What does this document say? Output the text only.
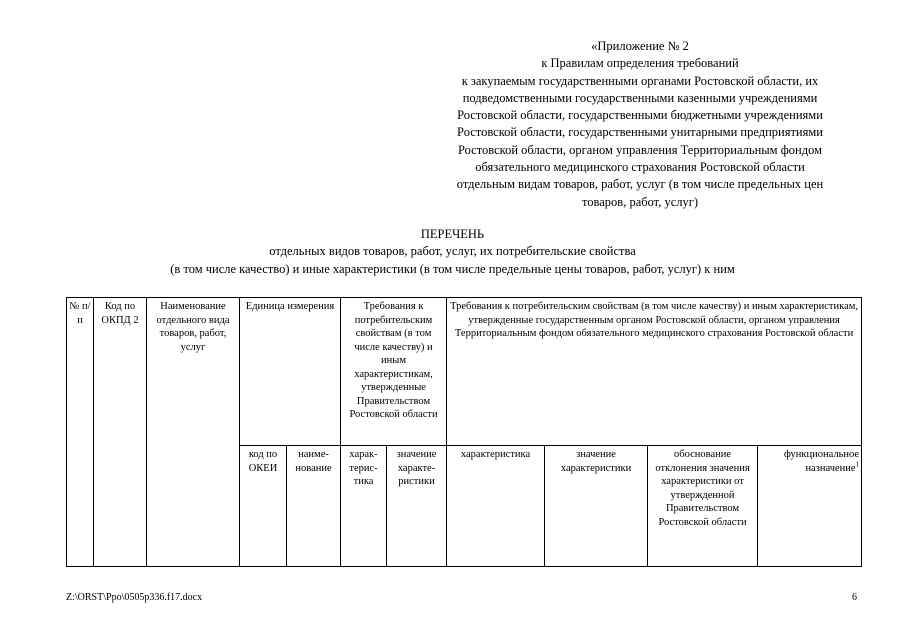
«Приложение № 2
к Правилам определения требований
к закупаемым государственными органами Ростовской области, их
подведомственными государственными казенными учреждениями
Ростовской области, государственными бюджетными учреждениями
Ростовской области, государственными унитарными предприятиями
Ростовской области, органом управления Территориальным фондом
обязательного медицинского страхования Ростовской области
отдельным видам товаров, работ, услуг (в том числе предельных цен
товаров, работ, услуг)
ПЕРЕЧЕНЬ
отдельных видов товаров, работ, услуг, их потребительские свойства
(в том числе качество) и иные характеристики (в том числе предельные цены товаров, работ, услуг) к ним
№ п/п	Код по ОКПД 2	Наименование отдельного вида товаров, работ, услуг	Единица измерения		Требования к потребительским свойствам (в том числе качеству) и иным характеристикам, утвержденные Правительством Ростовской области		Требования к потребительским свойствам (в том числе качеству) и иным характеристикам, утвержденные государственным органом Ростовской области, органом управления Территориальным фондом обязательного медицинского страхования Ростовской области			
			код по ОКЕИ	наиме-нование	харак-терис-тика	значение характе-ристики	характеристика	значение характеристики	обоснование отклонения значения характеристики от утвержденной Правительством Ростовской области	функциональное назначение$^1$
Z:\ORST\Ppo\0505p336.f17.docx	6
